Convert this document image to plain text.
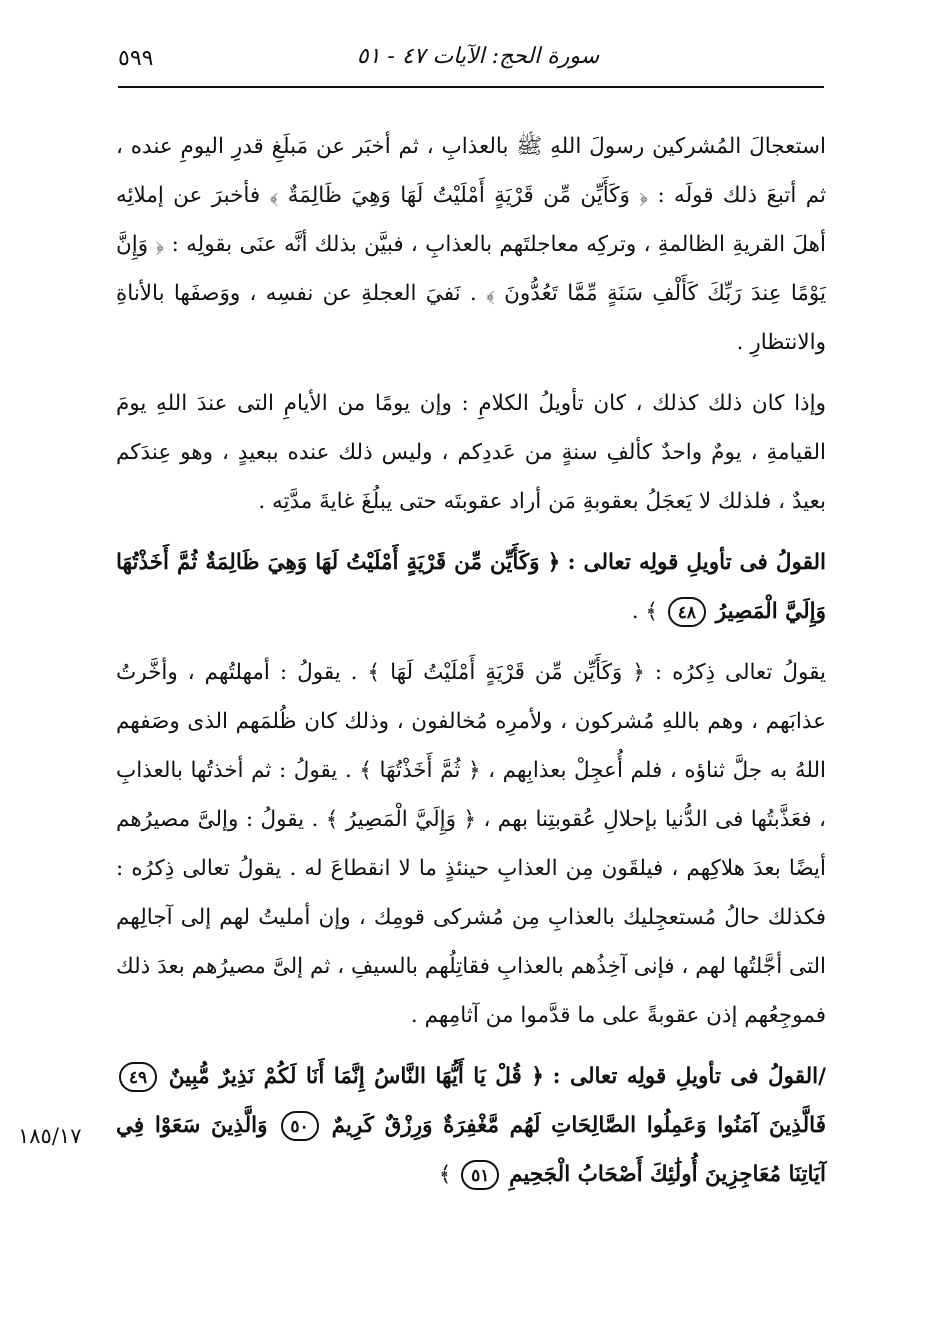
٥٩٩	سورة الحج: الآيات ٤٧ - ٥١
١٨٥/١٧

استعجالَ المُشركين رسولَ اللهِ ﷺ بالعذابِ ، ثم أخبَر عن مَبلَغِ قدرِ اليومِ عنده ، ثم أتبعَ ذلك قولَه : ﴿ وَكَأَيِّن مِّن قَرْيَةٍ أَمْلَيْتُ لَهَا وَهِيَ ظَالِمَةٌ ﴾ فأخبرَ عن إملائِه أهلَ القريةِ الظالمةِ ، وتركِه معاجلتَهم بالعذابِ ، فبيَّن بذلك أنَّه عنَى بقولِه : ﴿ وَإِنَّ يَوْمًا عِندَ رَبِّكَ كَأَلْفِ سَنَةٍ مِّمَّا تَعُدُّونَ ﴾ . نَفيَ العجلةِ عن نفسِه ، ووَصفَها بالأناةِ والانتظارِ .

وإذا كان ذلك كذلك ، كان تأويلُ الكلامِ : وإن يومًا من الأيامِ التى عندَ اللهِ يومَ القيامةِ ، يومٌ واحدٌ كألفِ سنةٍ من عَددِكم ، وليس ذلك عنده ببعيدٍ ، وهو عِندَكم بعيدٌ ، فلذلك لا يَعجَلُ بعقوبةِ مَن أراد عقوبتَه حتى يبلُغَ غايةَ مدَّتِه .

القولُ فى تأويلِ قولِه تعالى : ﴿ وَكَأَيِّن مِّن قَرْيَةٍ أَمْلَيْتُ لَهَا وَهِيَ ظَالِمَةٌ ثُمَّ أَخَذْتُهَا وَإِلَيَّ الْمَصِيرُ ٤٨ ﴾ .

يقولُ تعالى ذِكرُه : ﴿ وَكَأَيِّن مِّن قَرْيَةٍ أَمْلَيْتُ لَهَا ﴾ . يقولُ : أمهلتُهم ، وأخَّرتُ عذابَهم ، وهم باللهِ مُشركون ، ولأمرِه مُخالفون ، وذلك كان ظُلمَهم الذى وصَفهم اللهُ به جلَّ ثناؤه ، فلم أُعجِلْ بعذابِهم ، ﴿ ثُمَّ أَخَذْتُهَا ﴾ . يقولُ : ثم أخذتُها بالعذابِ ، فعَذَّبتُها فى الدُّنيا بإحلالِ عُقوبتِنا بهم ، ﴿ وَإِلَيَّ الْمَصِيرُ ﴾ . يقولُ : وإلىَّ مصيرُهم أيضًا بعدَ هلاكِهم ، فيلقَون مِن العذابِ حينئذٍ ما لا انقطاعَ له . يقولُ تعالى ذِكرُه : فكذلك حالُ مُستعجِليك بالعذابِ مِن مُشركى قومِك ، وإن أمليتُ لهم إلى آجالِهم التى أجَّلتُها لهم ، فإنى آخِذُهم بالعذابِ فقاتِلُهم بالسيفِ ، ثم إلىَّ مصيرُهم بعدَ ذلك فموجِعُهم إذن عقوبةً على ما قدَّموا من آثامِهم .

/القولُ فى تأويلِ قولِه تعالى : ﴿ قُلْ يَا أَيُّهَا النَّاسُ إِنَّمَا أَنَا لَكُمْ نَذِيرٌ مُّبِينٌ ٤٩ فَالَّذِينَ آمَنُوا وَعَمِلُوا الصَّالِحَاتِ لَهُم مَّغْفِرَةٌ وَرِزْقٌ كَرِيمٌ ٥٠ وَالَّذِينَ سَعَوْا فِي آيَاتِنَا مُعَاجِزِينَ أُولَٰئِكَ أَصْحَابُ الْجَحِيمِ ٥١ ﴾
